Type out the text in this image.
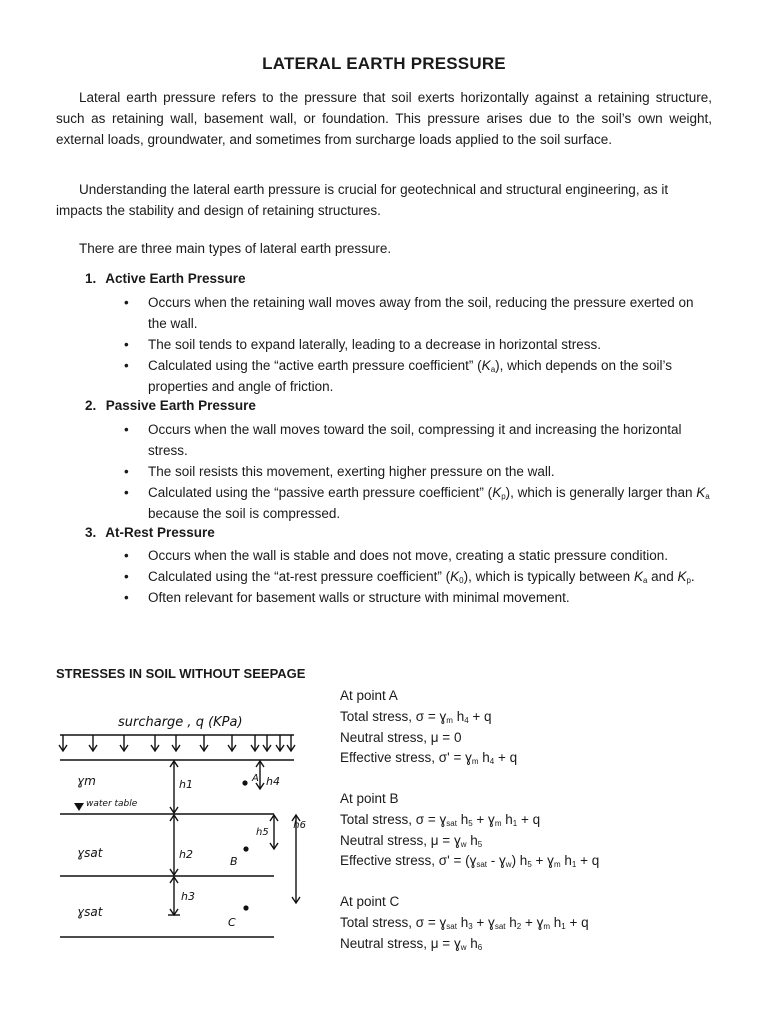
LATERAL EARTH PRESSURE

Lateral earth pressure refers to the pressure that soil exerts horizontally against a retaining structure, such as retaining wall, basement wall, or foundation. This pressure arises due to the soil’s own weight, external loads, groundwater, and sometimes from surcharge loads applied to the soil surface.

Understanding the lateral earth pressure is crucial for geotechnical and structural engineering, as it impacts the stability and design of retaining structures.

There are three main types of lateral earth pressure.

1. Active Earth Pressure

• Occurs when the retaining wall moves away from the soil, reducing the pressure exerted on the wall.
• The soil tends to expand laterally, leading to a decrease in horizontal stress.
• Calculated using the “active earth pressure coefficient” $(K_a)$, which depends on the soil’s properties and angle of friction.

2. Passive Earth Pressure

• Occurs when the wall moves toward the soil, compressing it and increasing the horizontal stress.
• The soil resists this movement, exerting higher pressure on the wall.
• Calculated using the “passive earth pressure coefficient” $(K_p)$, which is generally larger than $K_a$ because the soil is compressed.

3. At-Rest Pressure

• Occurs when the wall is stable and does not move, creating a static pressure condition.
• Calculated using the “at-rest pressure coefficient” $(K_0)$, which is typically between $K_a$ and $K_p$.
• Often relevant for basement walls or structure with minimal movement.

STRESSES IN SOIL WITHOUT SEEPAGE

At point A
Total stress, σ = ɣ$_m$ $h_4 + q$
Neutral stress, μ = 0
Effective stress, σ' = ɣ$_m$ $h_4 + q$
At point B
Total stress, σ = ɣ$_{sat}$ $h_5$ + ɣ$_m$ $h_1 + q$
Neutral stress, μ = ɣ$_w$ $h_5$
Effective stress, σ' = (ɣ$_{sat}$ - ɣ$_w$) $h_5$ + ɣ$_m$ $h_1 + q$
At point C
Total stress, σ = ɣ$_{sat}$ $h_3$ + ɣ$_{sat}$ $h_2$ + ɣ$_m$ $h_1 + q$
Neutral stress, μ = ɣ$_w$ $h_6$
surcharge , q (KPa)
ɣm
water table
ɣsat
ɣsat
h1
h2
h3
h4
h5
h6
A
B
C
